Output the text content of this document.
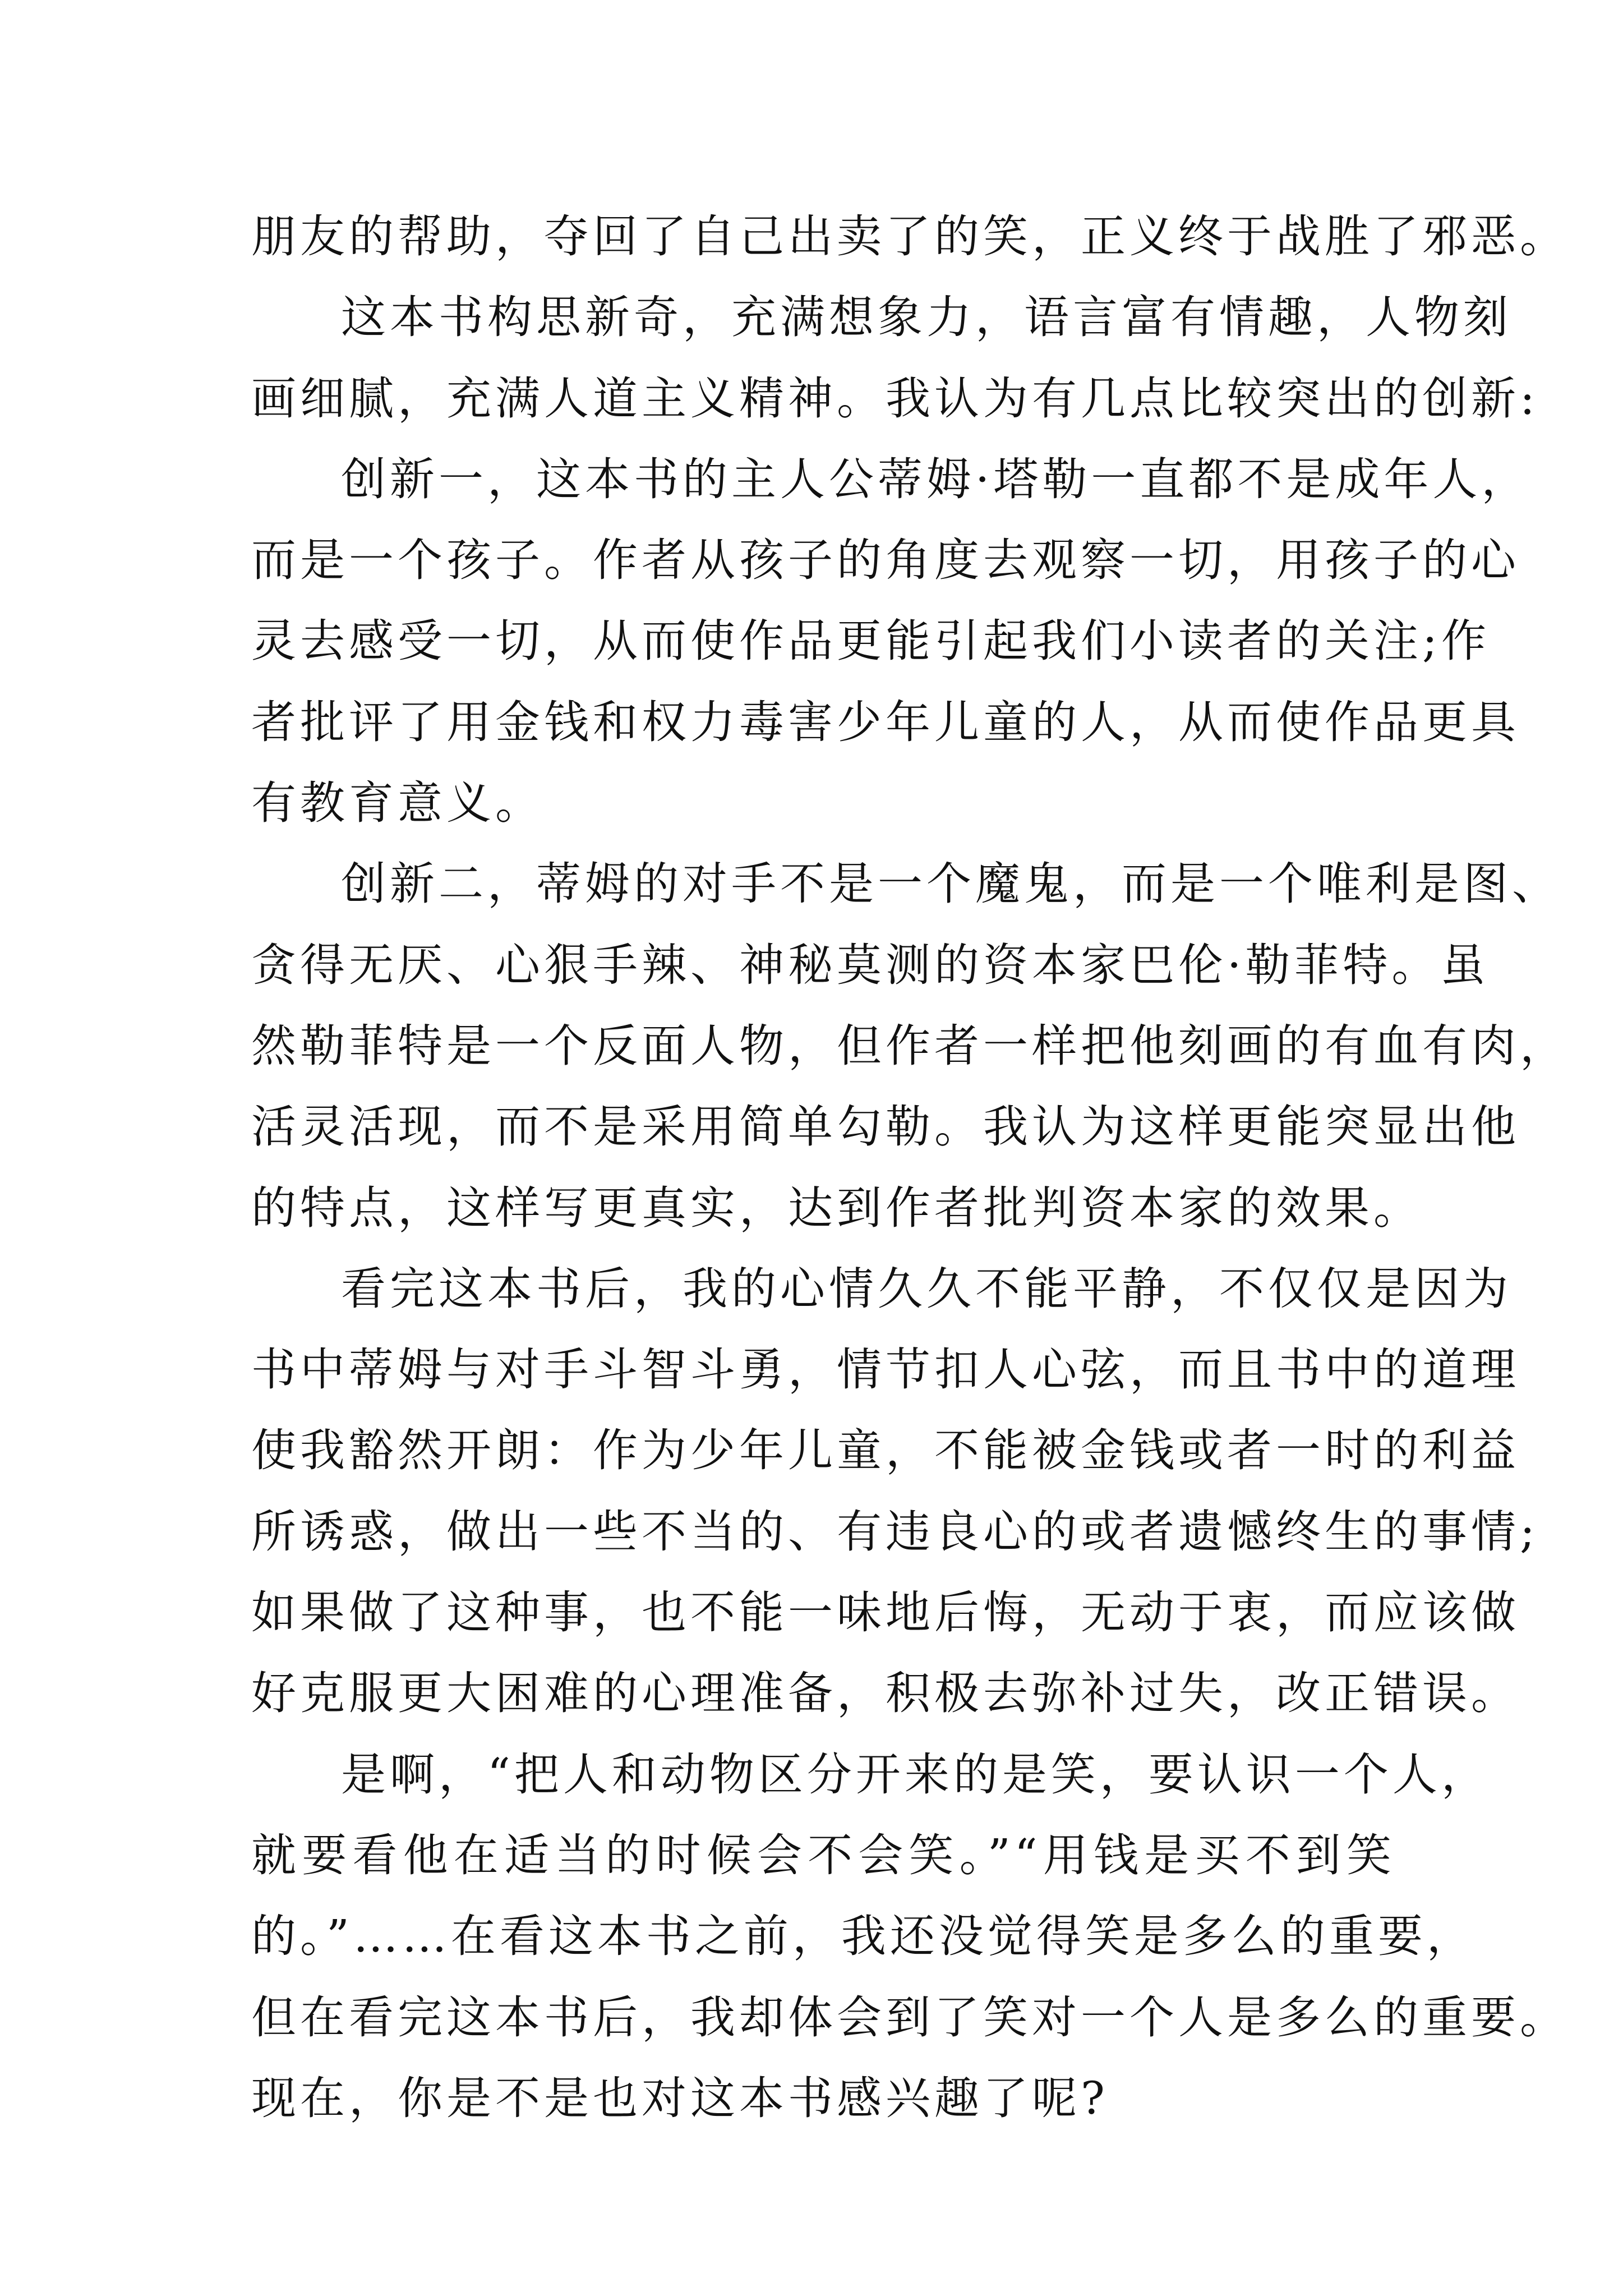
朋友的帮助，夺回了自己出卖了的笑，正义终于战胜了邪恶。
这本书构思新奇，充满想象力，语言富有情趣，人物刻
画细腻，充满人道主义精神。我认为有几点比较突出的创新:
创新一，这本书的主人公蒂姆·塔勒一直都不是成年人，
而是一个孩子。作者从孩子的角度去观察一切，用孩子的心
灵去感受一切，从而使作品更能引起我们小读者的关注;作
者批评了用金钱和权力毒害少年儿童的人，从而使作品更具
有教育意义。
创新二，蒂姆的对手不是一个魔鬼，而是一个唯利是图、
贪得无厌、心狠手辣、神秘莫测的资本家巴伦·勒菲特。虽
然勒菲特是一个反面人物，但作者一样把他刻画的有血有肉，
活灵活现，而不是采用简单勾勒。我认为这样更能突显出他
的特点，这样写更真实，达到作者批判资本家的效果。
看完这本书后，我的心情久久不能平静，不仅仅是因为
书中蒂姆与对手斗智斗勇，情节扣人心弦，而且书中的道理
使我豁然开朗：作为少年儿童，不能被金钱或者一时的利益
所诱惑，做出一些不当的、有违良心的或者遗憾终生的事情;
如果做了这种事，也不能一味地后悔，无动于衷，而应该做
好克服更大困难的心理准备，积极去弥补过失，改正错误。
是啊，“把人和动物区分开来的是笑，要认识一个人，
就要看他在适当的时候会不会笑。”“用钱是买不到笑
的。”……在看这本书之前，我还没觉得笑是多么的重要，
但在看完这本书后，我却体会到了笑对一个人是多么的重要。
现在，你是不是也对这本书感兴趣了呢?
